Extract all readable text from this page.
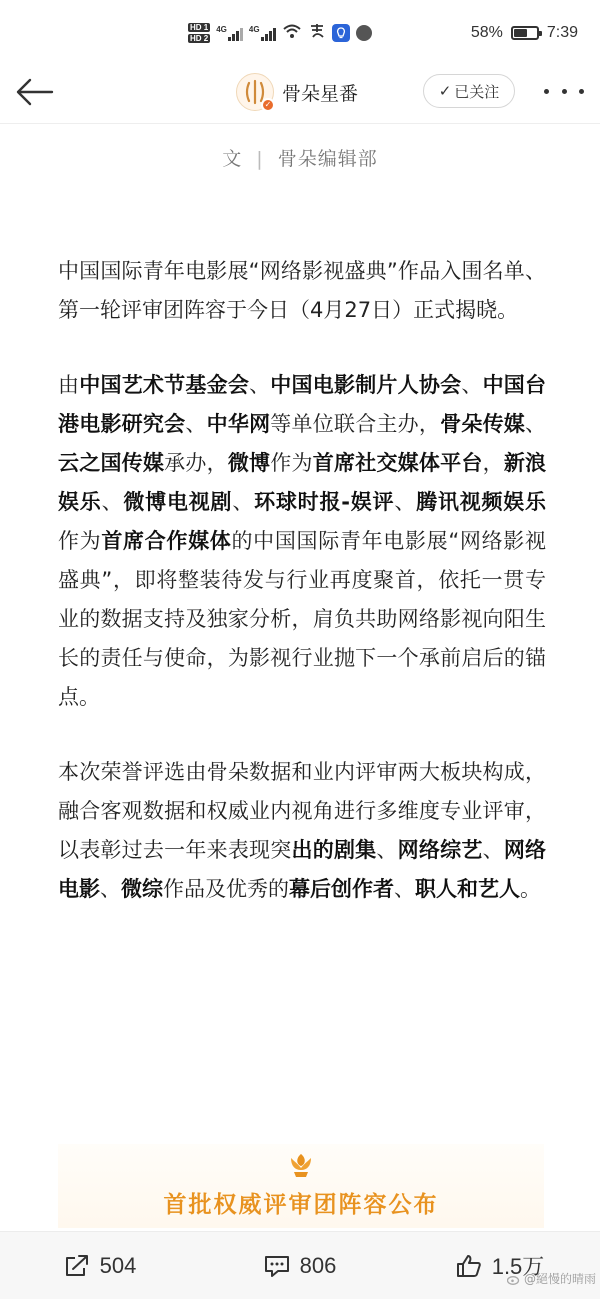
HD 1
HD 2
4G	4G	58%	7:39
✓ 骨朵星番	✓ 已关注
文 | 骨朵编辑部

中国国际青年电影展“网络影视盛典”作品入围名单、第一轮评审团阵容于今日（4月27日）正式揭晓。

由中国艺术节基金会、中国电影制片人协会、中国台港电影研究会、中华网等单位联合主办，骨朵传媒、云之国传媒承办，微博作为首席社交媒体平台，新浪娱乐、微博电视剧、环球时报-娱评、腾讯视频娱乐作为首席合作媒体的中国国际青年电影展“网络影视盛典”，即将整装待发与行业再度聚首，依托一贯专业的数据支持及独家分析，肩负共助网络影视向阳生长的责任与使命，为影视行业抛下一个承前启后的锚点。

本次荣誉评选由骨朵数据和业内评审两大板块构成，融合客观数据和权威业内视角进行多维度专业评审，以表彰过去一年来表现突出的剧集、网络综艺、网络电影、微综作品及优秀的幕后创作者、职人和艺人。

首批权威评审团阵容公布
504	806	1.5万
@絕慢的晴雨
